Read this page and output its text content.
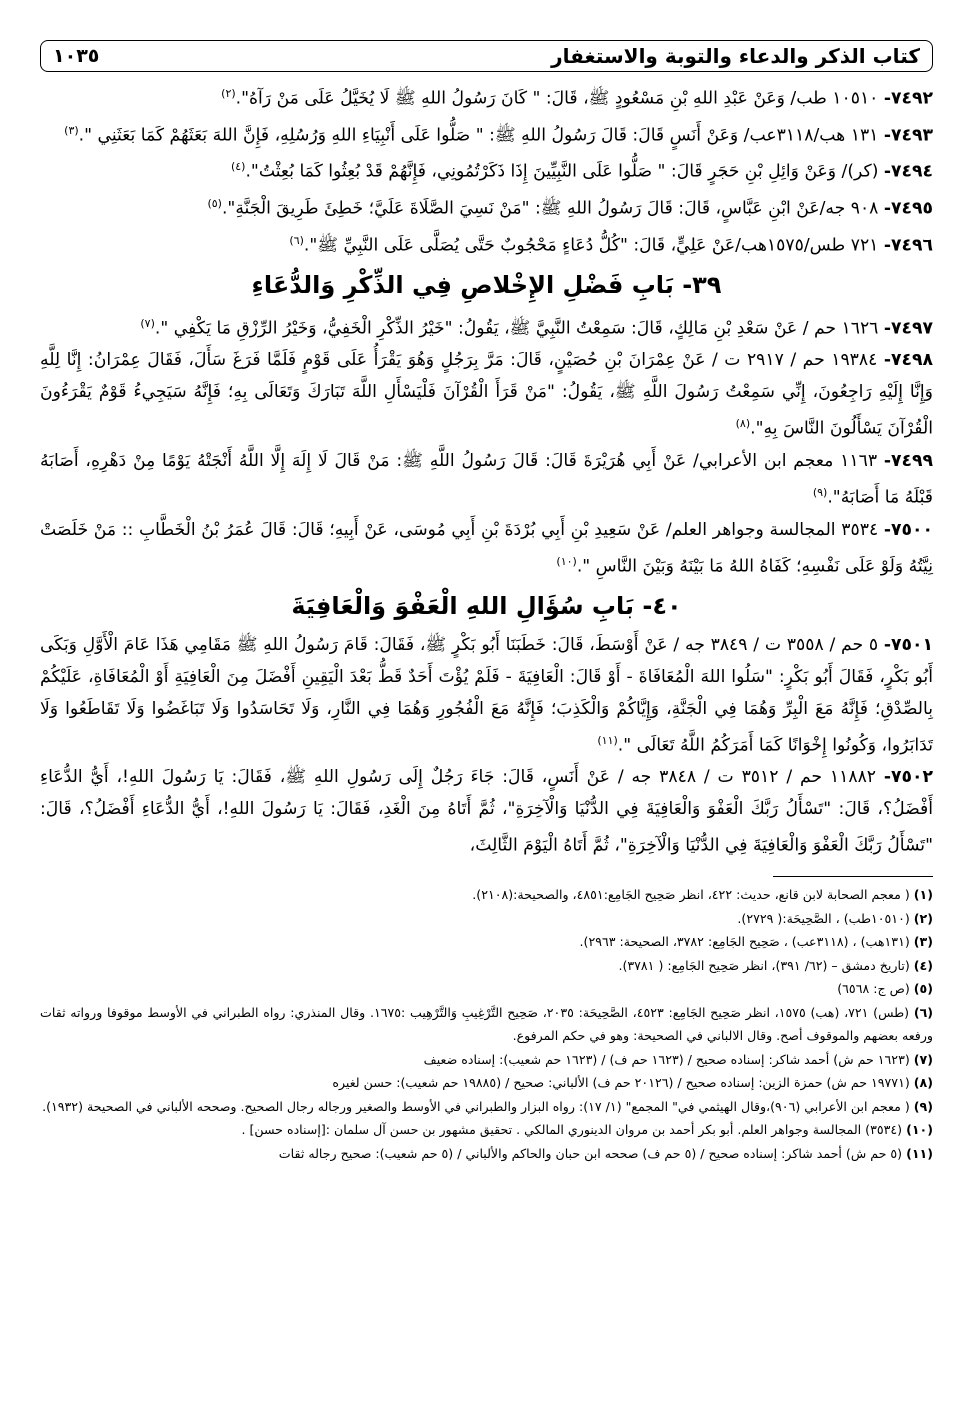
كتاب الذكر والدعاء والتوبة والاستغفار
١٠٣٥

٧٤٩٢- ١٠٥١٠ طب/ وَعَنْ عَبْدِ اللهِ بْنِ مَسْعُودٍ ﷺ، قَالَ: " كَانَ رَسُولُ اللهِ ﷺ لَا يُخَيَّلُ عَلَى مَنْ رَآهُ".$^{(٢)}$

٧٤٩٣- ١٣١ هب/٣١١٨عب/ وَعَنْ أَنَسٍ قَالَ: قَالَ رَسُولُ اللهِ ﷺ: " صَلُّوا عَلَى أَنْبِيَاءِ اللهِ وَرُسُلِهِ، فَإِنَّ اللهَ بَعَثَهُمْ كَمَا بَعَثَنِي ".$^{(٣)}$

٧٤٩٤- (كر)/ وَعَنْ وَائِلِ بْنِ حَجَرٍ قَالَ: " صَلُّوا عَلَى النَّبِيِّينَ إِذَا ذَكَرْتُمُونِي، فَإِنَّهُمْ قَدْ بُعِثُوا كَمَا بُعِثْتُ".$^{(٤)}$

٧٤٩٥- ٩٠٨ جه/عَنْ ابْنِ عَبَّاسٍ، قَالَ: قَالَ رَسُولُ اللهِ ﷺ: "مَنْ نَسِيَ الصَّلَاةَ عَلَيَّ؛ خَطِئَ طَرِيقَ الْجَنَّةِ".$^{(٥)}$

٧٤٩٦- ٧٢١ طس/١٥٧٥هب/عَنْ عَلِيٍّ، قَالَ: "كُلُّ دُعَاءٍ مَحْجُوبٌ حَتَّى يُصَلَّى عَلَى النَّبِيِّ ﷺ".$^{(٦)}$

٣٩- بَابِ فَضْلِ الإِخْلاصِ فِي الذِّكْرِ وَالدُّعَاءِ

٧٤٩٧- ١٦٢٦ حم / عَنْ سَعْدِ بْنِ مَالِكٍ، قَالَ: سَمِعْتُ النَّبِيَّ ﷺ، يَقُولُ: "خَيْرُ الذِّكْرِ الْخَفِيُّ، وَخَيْرُ الرِّزْقِ مَا يَكْفِي ".$^{(٧)}$

٧٤٩٨- ١٩٣٨٤ حم / ٢٩١٧ ت / عَنْ عِمْرَانَ بْنِ حُصَيْنٍ، قَالَ: مَرَّ بِرَجُلٍ وَهُوَ يَقْرَأُ عَلَى قَوْمٍ فَلَمَّا فَرَغَ سَأَلَ، فَقَالَ عِمْرَانُ: إِنَّا لِلَّهِ وَإِنَّا إِلَيْهِ رَاجِعُونَ، إِنِّي سَمِعْتُ رَسُولَ اللَّهِ ﷺ، يَقُولُ: "مَنْ قَرَأَ الْقُرْآنَ فَلْيَسْأَلِ اللَّهَ تَبَارَكَ وَتَعَالَى بِهِ؛ فَإِنَّهُ سَيَجِيءُ قَوْمٌ يَقْرَءُونَ الْقُرْآنَ يَسْأَلُونَ النَّاسَ بِهِ".$^{(٨)}$

٧٤٩٩- ١١٦٣ معجم ابن الأعرابي/ عَنْ أَبِي هُرَيْرَةَ قَالَ: قَالَ رَسُولُ اللَّهِ ﷺ: مَنْ قَالَ لَا إِلَهَ إِلَّا اللَّهُ أَنْجَتْهُ يَوْمًا مِنْ دَهْرِهِ، أَصَابَهُ قَبْلَهُ مَا أَصَابَهُ".$^{(٩)}$

٧٥٠٠- ٣٥٣٤ المجالسة وجواهر العلم/ عَنْ سَعِيدِ بْنِ أَبِي بُرْدَةَ بْنِ أَبِي مُوسَى، عَنْ أَبِيهِ؛ قَالَ: قَالَ عُمَرُ بْنُ الْخَطَّابِ :: مَنْ خَلَصَتْ نِيَّتُهُ وَلَوْ عَلَى نَفْسِهِ؛ كَفَاهُ اللهُ مَا بَيْنَهُ وَبَيْنَ النَّاسِ ".$^{(١٠)}$

٤٠- بَابِ سُؤَالِ اللهِ الْعَفْوَ وَالْعَافِيَةَ

٧٥٠١- ٥ حم / ٣٥٥٨ ت / ٣٨٤٩ جه / عَنْ أَوْسَطَ، قَالَ: خَطَبَنَا أَبُو بَكْرٍ ﷺ، فَقَالَ: قَامَ رَسُولُ اللهِ ﷺ مَقَامِي هَذَا عَامَ الْأَوَّلِ وَبَكَى أَبُو بَكْرٍ، فَقَالَ أَبُو بَكْرٍ: "سَلُوا اللهَ الْمُعَافَاةَ - أَوْ قَالَ: الْعَافِيَةَ - فَلَمْ يُؤْتَ أَحَدٌ قَطُّ بَعْدَ الْيَقِينِ أَفْضَلَ مِنَ الْعَافِيَةِ أَوْ الْمُعَافَاةِ، عَلَيْكُمْ بِالصِّدْقِ؛ فَإِنَّهُ مَعَ الْبِرِّ وَهُمَا فِي الْجَنَّةِ، وَإِيَّاكُمْ وَالْكَذِبَ؛ فَإِنَّهُ مَعَ الْفُجُورِ وَهُمَا فِي النَّارِ، وَلَا تَحَاسَدُوا وَلَا تَبَاغَضُوا وَلَا تَقَاطَعُوا وَلَا تَدَابَرُوا، وَكُونُوا إِخْوَانًا كَمَا أَمَرَكُمُ اللَّهُ تَعَالَى ".$^{(١١)}$

٧٥٠٢- ١١٨٨٢ حم / ٣٥١٢ ت / ٣٨٤٨ جه / عَنْ أَنَسٍ، قَالَ: جَاءَ رَجُلٌ إِلَى رَسُولِ اللهِ ﷺ، فَقَالَ: يَا رَسُولَ اللهِ!، أَيُّ الدُّعَاءِ أَفْضَلُ؟، قَالَ: "تَسْأَلُ رَبَّكَ الْعَفْوَ وَالْعَافِيَةَ فِي الدُّنْيَا وَالْآخِرَةِ"، ثُمَّ أَتَاهُ مِنَ الْغَدِ، فَقَالَ: يَا رَسُولَ اللهِ!، أَيُّ الدُّعَاءِ أَفْضَلُ؟، قَالَ: "تَسْأَلُ رَبَّكَ الْعَفْوَ وَالْعَافِيَةَ فِي الدُّنْيَا وَالْآخِرَةِ"، ثُمَّ أَتَاهُ الْيَوْمَ الثَّالِثَ،

(١) ( معجم الصحابة لابن قانع، حديث: ٤٢٢، انظر صَحِيح الجَامِع:٤٨٥١، والصحيحة:(٢١٠٨).

(٢) (١٠٥١٠طب) ، الصَّحِيحَة:( ٢٧٢٩).

(٣) (١٣١هب) ، (٣١١٨عب) ، صَحِيح الجَامِع: ٣٧٨٢، الصحيحة: ٢٩٦٣).

(٤) (تاريخ دمشق – (٦٢/ ٣٩١)، انظر صَحِيح الجَامِع: ( ٣٧٨١).

(٥) (ص ج: ٦٥٦٨)

(٦) (طس) ٧٢١، (هب) ١٥٧٥، انظر صَحِيح الجَامِع: ٤٥٢٣، الصَّحِيحَة: ٢٠٣٥، صَحِيح التَّرْغِيبِ وَالتَّرْهِيب :١٦٧٥. وقال المنذري: رواه الطبراني في الأوسط موقوفا ورواته ثقات ورفعه بعضهم والموقوف أصح. وقال الالباني في الصحيحة: وهو في حكم المرفوع.

(٧) (١٦٢٣ حم ش) أحمد شاكر: إسناده صحيح / (١٦٢٣ حم ف) / (١٦٢٣ حم شعيب): إسناده ضعيف

(٨) (١٩٧٧١ حم ش) حمزة الزين: إسناده صحيح / (٢٠١٢٦ حم ف) الألباني: صحيح / (١٩٨٨٥ حم شعيب): حسن لغيره

(٩) ( معجم ابن الأعرابي (٩٠٦)،وقال الهيثمي في" المجمع" (١/ ١٧): رواه البزار والطبراني في الأوسط والصغير ورجاله رجال الصحيح. وصححه الألباني في الصحيحة (١٩٣٢).

(١٠) (٣٥٣٤) المجالسة وجواهر العلم. أبو بكر أحمد بن مروان الدينوري المالكي . تحقيق مشهور بن حسن آل سلمان :[إسناده حسن] .

(١١) (٥ حم ش) أحمد شاكر: إسناده صحيح / (٥ حم ف) صححه ابن حبان والحاكم والألباني / (٥ حم شعيب): صحيح رجاله ثقات
